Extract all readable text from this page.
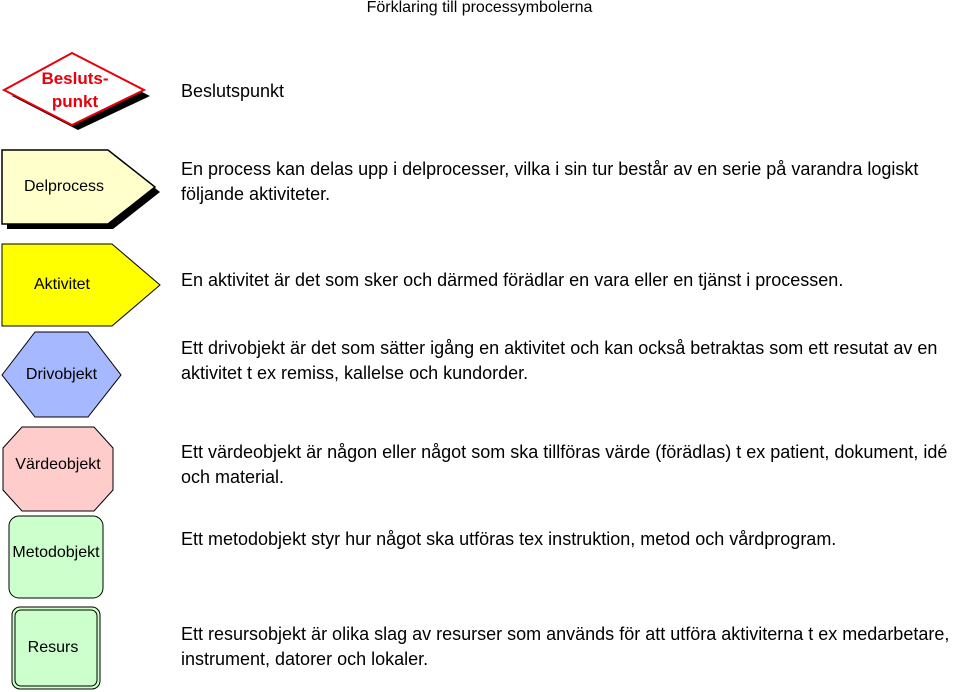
Förklaring till processymbolerna
Besluts-
punkt
Beslutspunkt
Delprocess
En process kan delas upp i delprocesser, vilka i sin tur består av en serie på varandra logiskt följande aktiviteter.
Aktivitet	En aktivitet är det som sker och därmed förädlar en vara eller en tjänst i processen.
Drivobjekt
Ett drivobjekt är det som sätter igång en aktivitet och kan också betraktas som ett resutat av en aktivitet t ex remiss, kallelse och kundorder.
Värdeobjekt
Ett värdeobjekt är någon eller något som ska tillföras värde (förädlas) t ex patient, dokument, idé och material.
Metodobjekt
Ett metodobjekt styr hur något ska utföras tex instruktion, metod och vårdprogram.
Resurs
Ett resursobjekt är olika slag av resurser som används för att utföra aktiviterna t ex medarbetare, instrument, datorer och lokaler.
